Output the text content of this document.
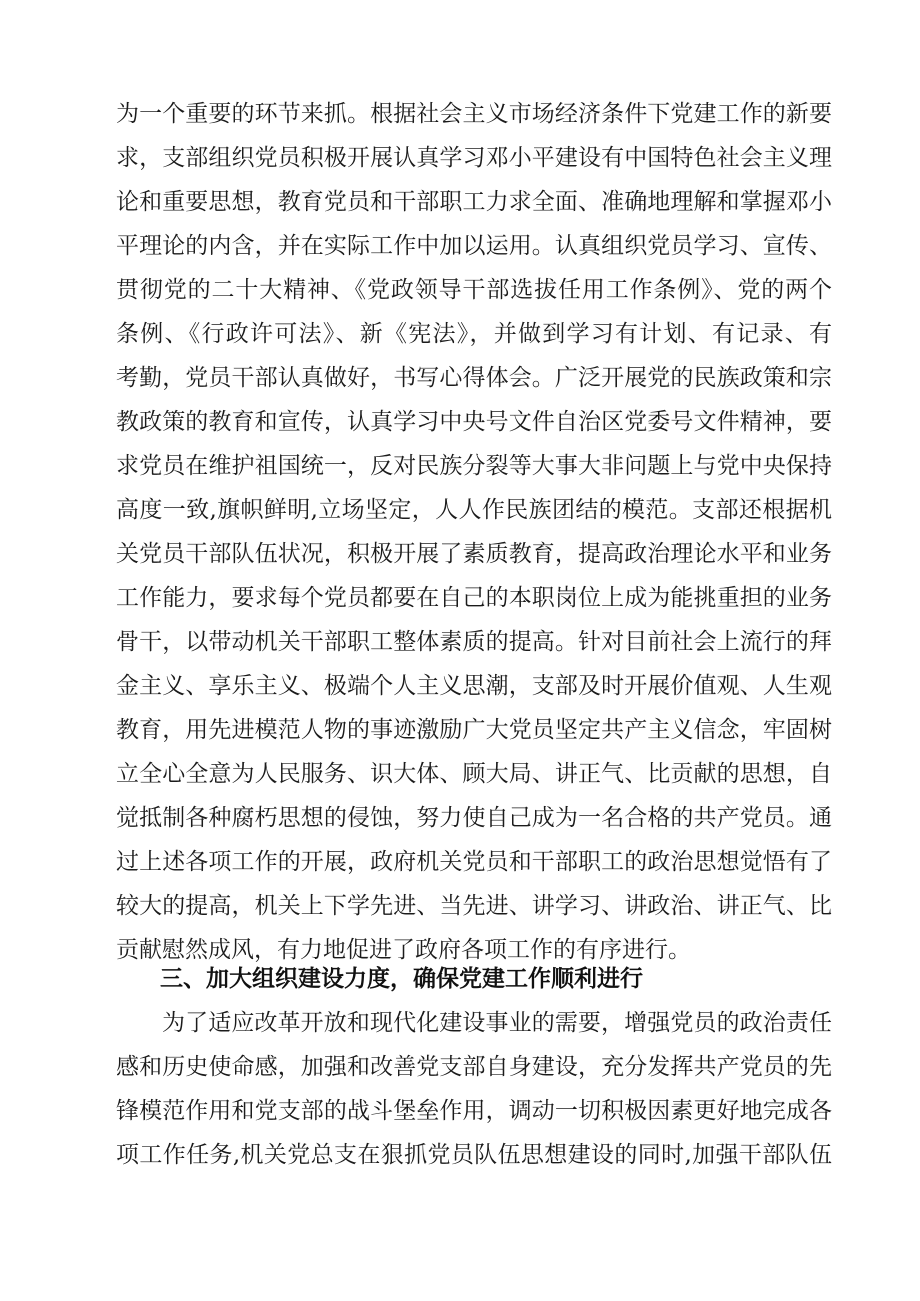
为一个重要的环节来抓。根据社会主义市场经济条件下党建工作的新要
求，支部组织党员积极开展认真学习邓小平建设有中国特色社会主义理
论和重要思想，教育党员和干部职工力求全面、准确地理解和掌握邓小
平理论的内含，并在实际工作中加以运用。认真组织党员学习、宣传、
贯彻党的二十大精神、《党政领导干部选拔任用工作条例》、党的两个
条例、《行政许可法》、新《宪法》，并做到学习有计划、有记录、有
考勤，党员干部认真做好，书写心得体会。广泛开展党的民族政策和宗
教政策的教育和宣传，认真学习中央号文件自治区党委号文件精神，要
求党员在维护祖国统一，反对民族分裂等大事大非问题上与党中央保持
高度一致,旗帜鲜明,立场坚定，人人作民族团结的模范。支部还根据机
关党员干部队伍状况，积极开展了素质教育，提高政治理论水平和业务
工作能力，要求每个党员都要在自己的本职岗位上成为能挑重担的业务
骨干，以带动机关干部职工整体素质的提高。针对目前社会上流行的拜
金主义、享乐主义、极端个人主义思潮，支部及时开展价值观、人生观
教育，用先进模范人物的事迹激励广大党员坚定共产主义信念，牢固树
立全心全意为人民服务、识大体、顾大局、讲正气、比贡献的思想，自
觉抵制各种腐朽思想的侵蚀，努力使自己成为一名合格的共产党员。通
过上述各项工作的开展，政府机关党员和干部职工的政治思想觉悟有了
较大的提高，机关上下学先进、当先进、讲学习、讲政治、讲正气、比
贡献慰然成风，有力地促进了政府各项工作的有序进行。
三、加大组织建设力度，确保党建工作顺利进行
为了适应改革开放和现代化建设事业的需要，增强党员的政治责任
感和历史使命感，加强和改善党支部自身建设，充分发挥共产党员的先
锋模范作用和党支部的战斗堡垒作用，调动一切积极因素更好地完成各
项工作任务,机关党总支在狠抓党员队伍思想建设的同时,加强干部队伍
